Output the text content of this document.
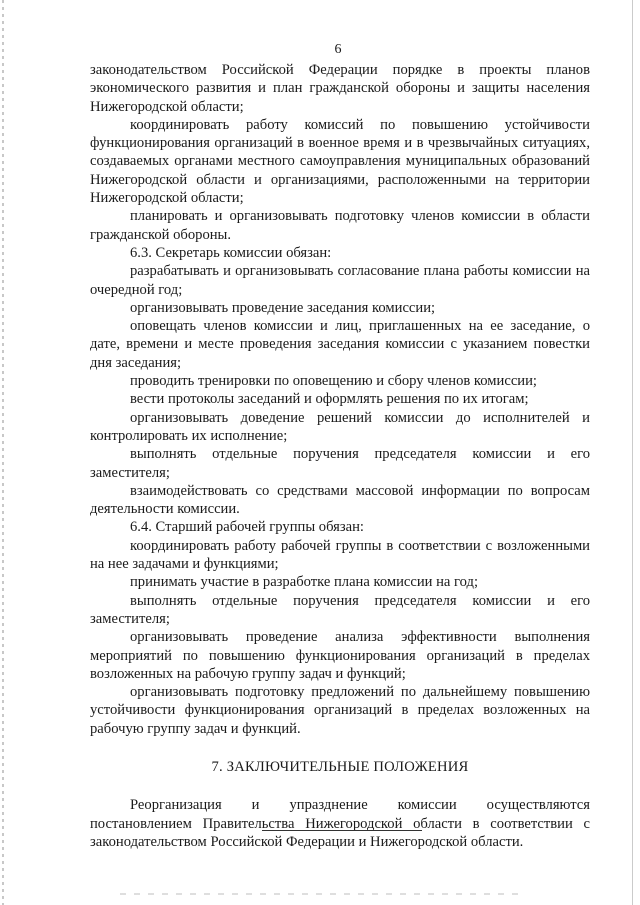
6

законодательством Российской Федерации порядке в проекты планов экономического развития и план гражданской обороны и защиты населения Нижегородской области;

координировать работу комиссий по повышению устойчивости функционирования организаций в военное время и в чрезвычайных ситуациях, создаваемых органами местного самоуправления муниципальных образований Нижегородской области и организациями, расположенными на территории Нижегородской области;

планировать и организовывать подготовку членов комиссии в области гражданской обороны.

6.3. Секретарь комиссии обязан:

разрабатывать и организовывать согласование плана работы комиссии на очередной год;

организовывать проведение заседания комиссии;

оповещать членов комиссии и лиц, приглашенных на ее заседание, о дате, времени и месте проведения заседания комиссии с указанием повестки дня заседания;

проводить тренировки по оповещению и сбору членов комиссии;

вести протоколы заседаний и оформлять решения по их итогам;

организовывать доведение решений комиссии до исполнителей и контролировать их исполнение;

выполнять отдельные поручения председателя комиссии и его заместителя;

взаимодействовать со средствами массовой информации по вопросам деятельности комиссии.

6.4. Старший рабочей группы обязан:

координировать работу рабочей группы в соответствии с возложенными на нее задачами и функциями;

принимать участие в разработке плана комиссии на год;

выполнять отдельные поручения председателя комиссии и его заместителя;

организовывать проведение анализа эффективности выполнения мероприятий по повышению функционирования организаций в пределах возложенных на рабочую группу задач и функций;

организовывать подготовку предложений по дальнейшему повышению устойчивости функционирования организаций в пределах возложенных на рабочую группу задач и функций.

7. ЗАКЛЮЧИТЕЛЬНЫЕ ПОЛОЖЕНИЯ

Реорганизация и упразднение комиссии осуществляются постановлением Правительства Нижегородской области в соответствии с законодательством Российской Федерации и Нижегородской области.
